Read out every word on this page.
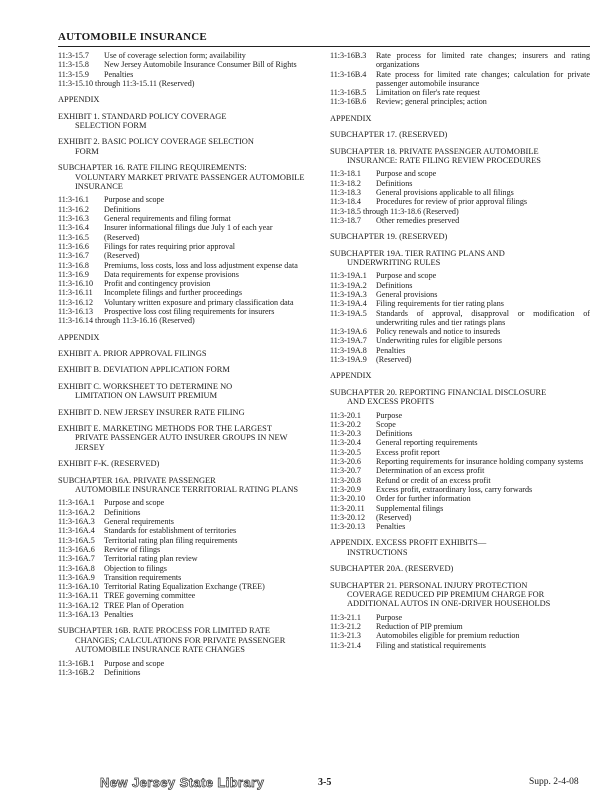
AUTOMOBILE INSURANCE
11:3-15.7	Use of coverage selection form; availability
11:3-15.8	New Jersey Automobile Insurance Consumer Bill of Rights
11:3-15.9	Penalties
11:3-15.10 through 11:3-15.11 (Reserved)
APPENDIX
EXHIBIT 1. STANDARD POLICY COVERAGE
SELECTION FORM
EXHIBIT 2. BASIC POLICY COVERAGE SELECTION
FORM
SUBCHAPTER 16. RATE FILING REQUIREMENTS:
VOLUNTARY MARKET PRIVATE PASSENGER AUTOMOBILE INSURANCE
11:3-16.1	Purpose and scope
11:3-16.2	Definitions
11:3-16.3	General requirements and filing format
11:3-16.4	Insurer informational filings due July 1 of each year
11:3-16.5	(Reserved)
11:3-16.6	Filings for rates requiring prior approval
11:3-16.7	(Reserved)
11:3-16.8	Premiums, loss costs, loss and loss adjustment expense data
11:3-16.9	Data requirements for expense provisions
11:3-16.10	Profit and contingency provision
11:3-16.11	Incomplete filings and further proceedings
11:3-16.12	Voluntary written exposure and primary classification data
11:3-16.13	Prospective loss cost filing requirements for insurers
11:3-16.14 through 11:3-16.16 (Reserved)
APPENDIX
EXHIBIT A. PRIOR APPROVAL FILINGS
EXHIBIT B. DEVIATION APPLICATION FORM
EXHIBIT C. WORKSHEET TO DETERMINE NO
LIMITATION ON LAWSUIT PREMIUM
EXHIBIT D. NEW JERSEY INSURER RATE FILING
EXHIBIT E. MARKETING METHODS FOR THE LARGEST
PRIVATE PASSENGER AUTO INSURER GROUPS IN NEW JERSEY
EXHIBIT F-K. (RESERVED)
SUBCHAPTER 16A. PRIVATE PASSENGER
AUTOMOBILE INSURANCE TERRITORIAL RATING PLANS
11:3-16A.1	Purpose and scope
11:3-16A.2	Definitions
11:3-16A.3	General requirements
11:3-16A.4	Standards for establishment of territories
11:3-16A.5	Territorial rating plan filing requirements
11:3-16A.6	Review of filings
11:3-16A.7	Territorial rating plan review
11:3-16A.8	Objection to filings
11:3-16A.9	Transition requirements
11:3-16A.10 Territorial Rating Equalization Exchange (TREE)
11:3-16A.11 TREE governing committee
11:3-16A.12 TREE Plan of Operation
11:3-16A.13 Penalties
SUBCHAPTER 16B. RATE PROCESS FOR LIMITED RATE
CHANGES; CALCULATIONS FOR PRIVATE PASSENGER AUTOMOBILE INSURANCE RATE CHANGES
11:3-16B.1	Purpose and scope
11:3-16B.2	Definitions
11:3-16B.3	Rate process for limited rate changes; insurers and rating organizations
11:3-16B.4	Rate process for limited rate changes; calculation for private passenger automobile insurance
11:3-16B.5	Limitation on filer's rate request
11:3-16B.6	Review; general principles; action
APPENDIX
SUBCHAPTER 17. (RESERVED)
SUBCHAPTER 18. PRIVATE PASSENGER AUTOMOBILE
INSURANCE: RATE FILING REVIEW PROCEDURES
11:3-18.1	Purpose and scope
11:3-18.2	Definitions
11:3-18.3	General provisions applicable to all filings
11:3-18.4	Procedures for review of prior approval filings
11:3-18.5 through 11:3-18.6 (Reserved)
11:3-18.7	Other remedies preserved
SUBCHAPTER 19. (RESERVED)
SUBCHAPTER 19A. TIER RATING PLANS AND
UNDERWRITING RULES
11:3-19A.1	Purpose and scope
11:3-19A.2	Definitions
11:3-19A.3	General provisions
11:3-19A.4	Filing requirements for tier rating plans
11:3-19A.5	Standards of approval, disapproval or modification of underwriting rules and tier ratings plans
11:3-19A.6	Policy renewals and notice to insureds
11:3-19A.7	Underwriting rules for eligible persons
11:3-19A.8	Penalties
11:3-19A.9	(Reserved)
APPENDIX
SUBCHAPTER 20. REPORTING FINANCIAL DISCLOSURE
AND EXCESS PROFITS
11:3-20.1	Purpose
11:3-20.2	Scope
11:3-20.3	Definitions
11:3-20.4	General reporting requirements
11:3-20.5	Excess profit report
11:3-20.6	Reporting requirements for insurance holding company systems
11:3-20.7	Determination of an excess profit
11:3-20.8	Refund or credit of an excess profit
11:3-20.9	Excess profit, extraordinary loss, carry forwards
11:3-20.10	Order for further information
11:3-20.11	Supplemental filings
11:3-20.12	(Reserved)
11:3-20.13	Penalties
APPENDIX. EXCESS PROFIT EXHIBITS—
INSTRUCTIONS
SUBCHAPTER 20A. (RESERVED)
SUBCHAPTER 21. PERSONAL INJURY PROTECTION
COVERAGE REDUCED PIP PREMIUM CHARGE FOR ADDITIONAL AUTOS IN ONE-DRIVER HOUSEHOLDS
11:3-21.1	Purpose
11:3-21.2	Reduction of PIP premium
11:3-21.3	Automobiles eligible for premium reduction
11:3-21.4	Filing and statistical requirements
New Jersey State Library	3-5	Supp. 2-4-08
